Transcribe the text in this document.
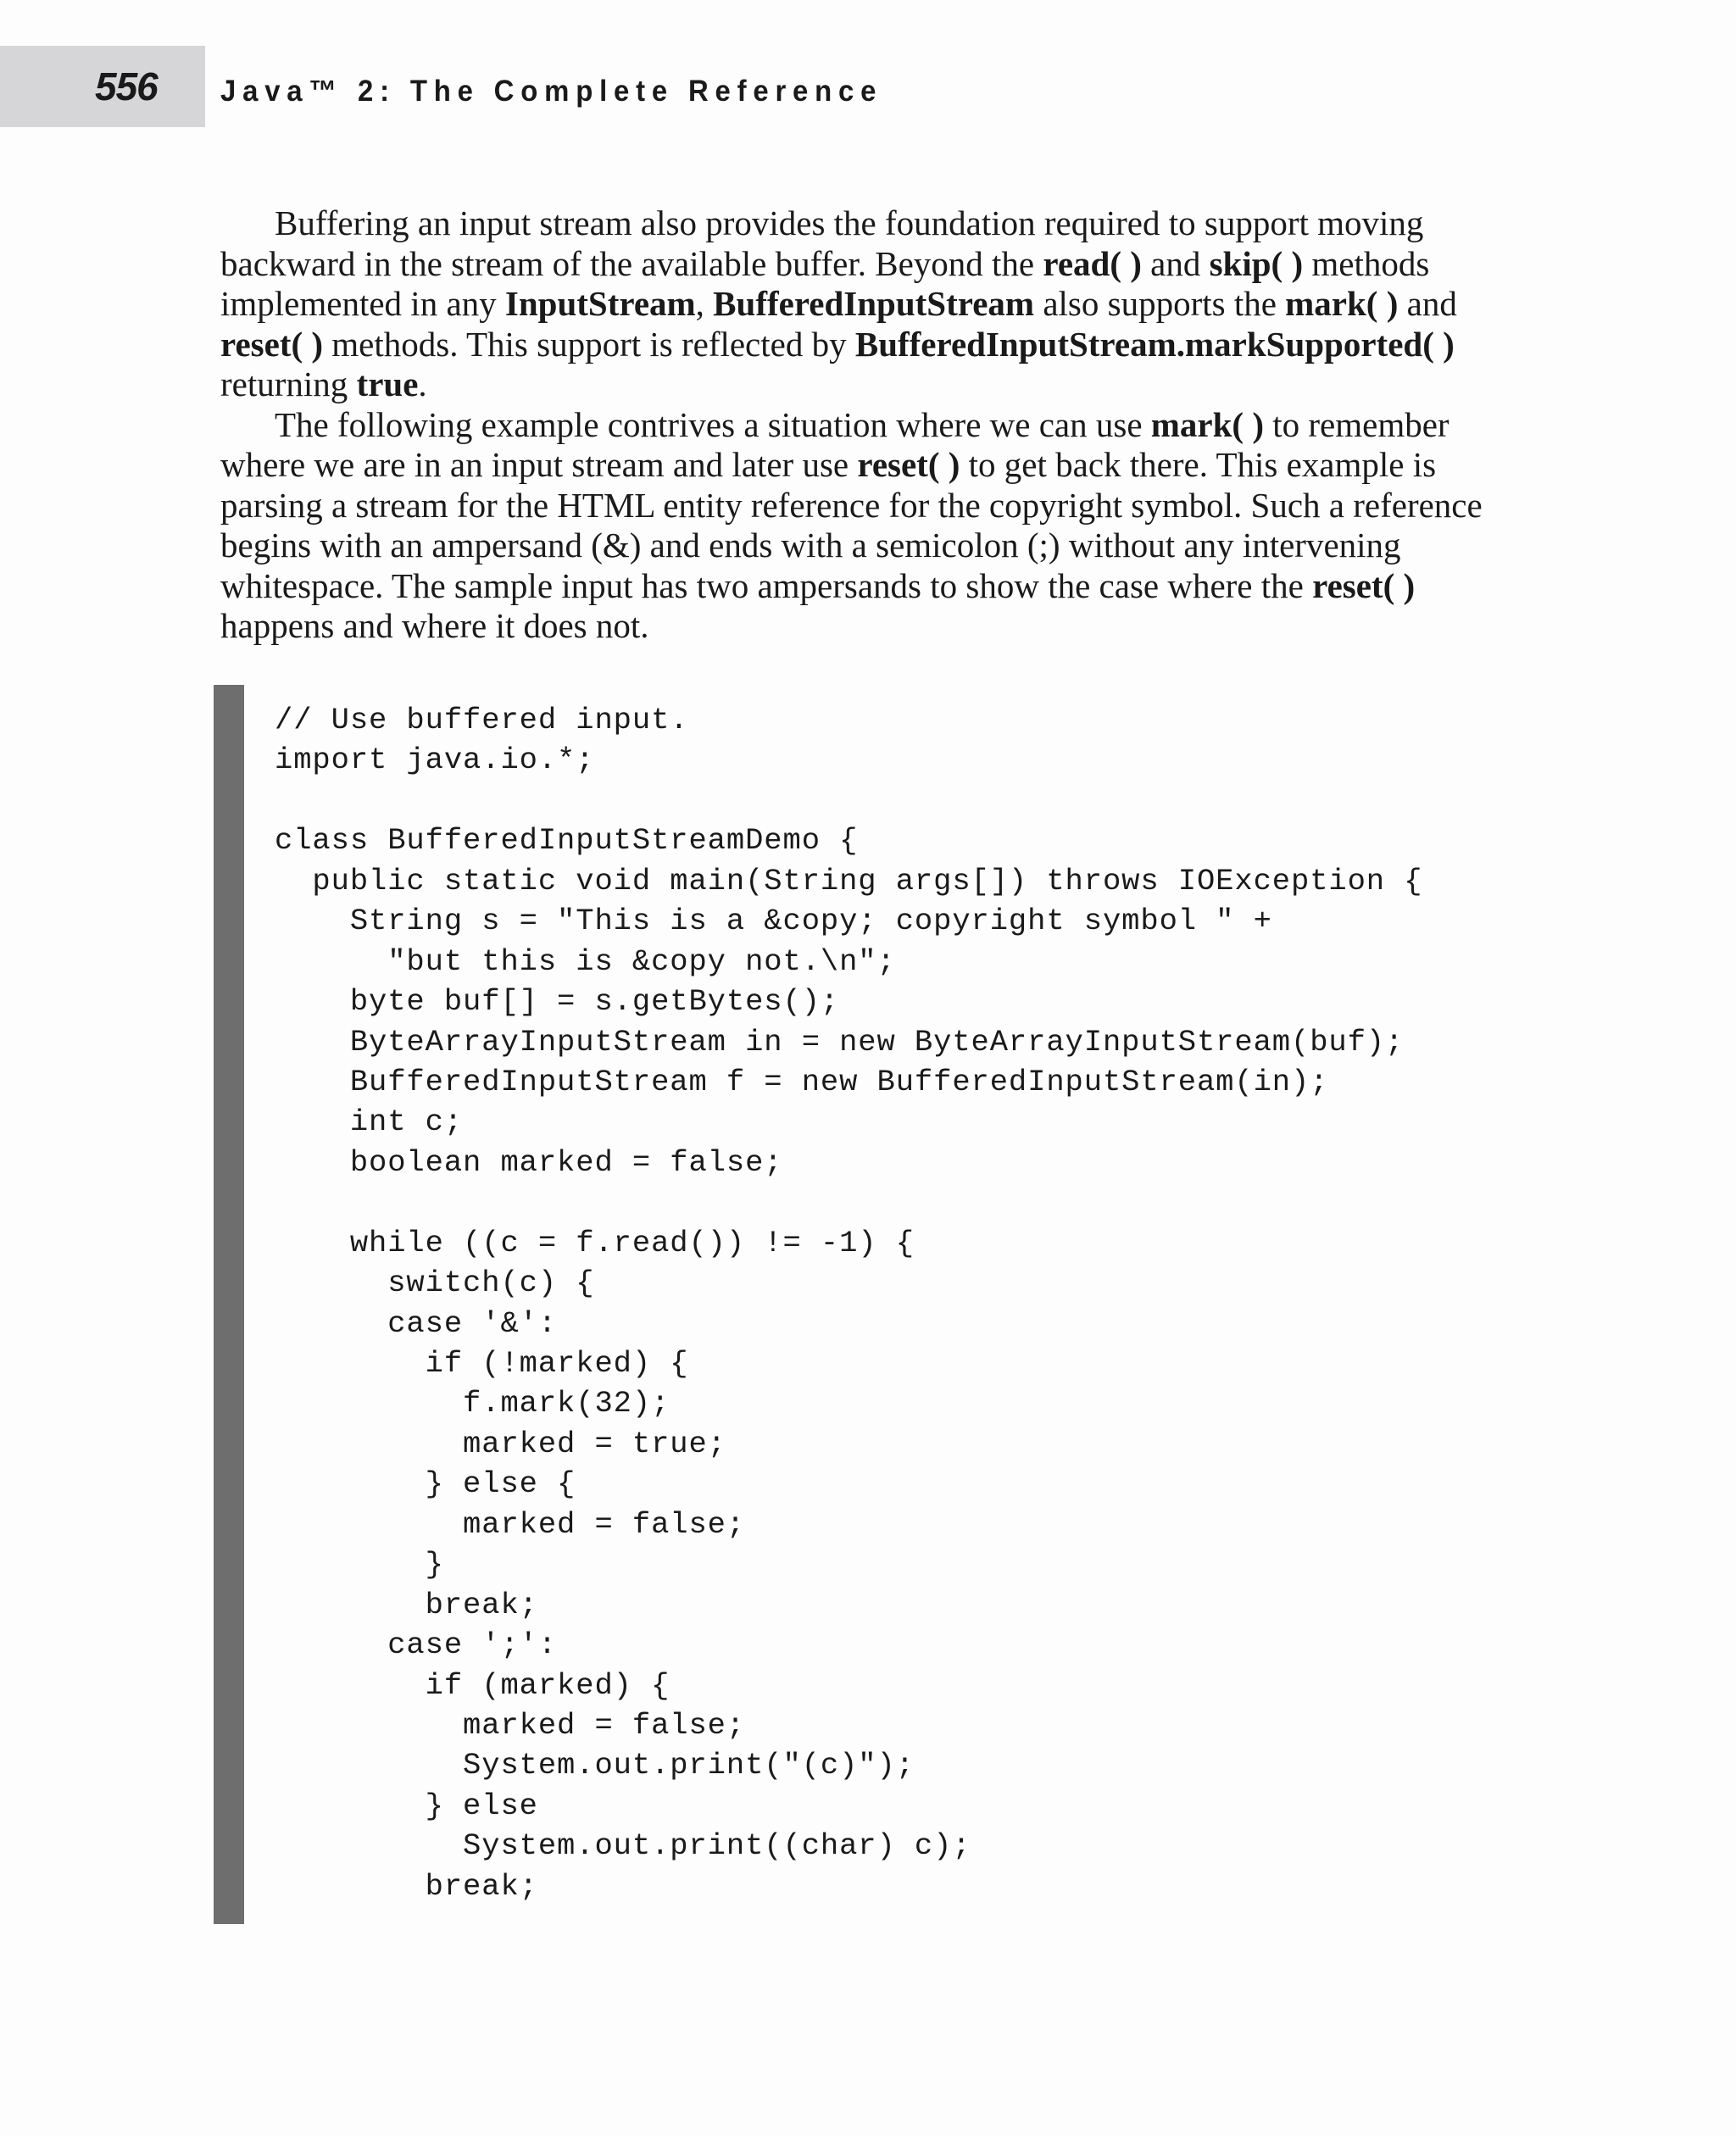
556 Java™ 2: The Complete Reference

Buffering an input stream also provides the foundation required to support moving backward in the stream of the available buffer. Beyond the read( ) and skip( ) methods implemented in any InputStream, BufferedInputStream also supports the mark( ) and reset( ) methods. This support is reflected by BufferedInputStream.markSupported( ) returning true.

The following example contrives a situation where we can use mark( ) to remember where we are in an input stream and later use reset( ) to get back there. This example is parsing a stream for the HTML entity reference for the copyright symbol. Such a reference begins with an ampersand (&) and ends with a semicolon (;) without any intervening whitespace. The sample input has two ampersands to show the case where the reset( ) happens and where it does not.

// Use buffered input.
import java.io.*;
class BufferedInputStreamDemo {
public static void main(String args[]) throws IOException {
String s = "This is a &copy; copyright symbol " +
"but this is &copy not.\n";
byte buf[] = s.getBytes();
ByteArrayInputStream in = new ByteArrayInputStream(buf);
BufferedInputStream f = new BufferedInputStream(in);
int c;
boolean marked = false;
while ((c = f.read()) != -1) {
switch(c) {
case '&':
if (!marked) {
f.mark(32);
marked = true;
} else {
marked = false;
}
break;
case ';':
if (marked) {
marked = false;
System.out.print("(c)");
} else
System.out.print((char) c);
break;
